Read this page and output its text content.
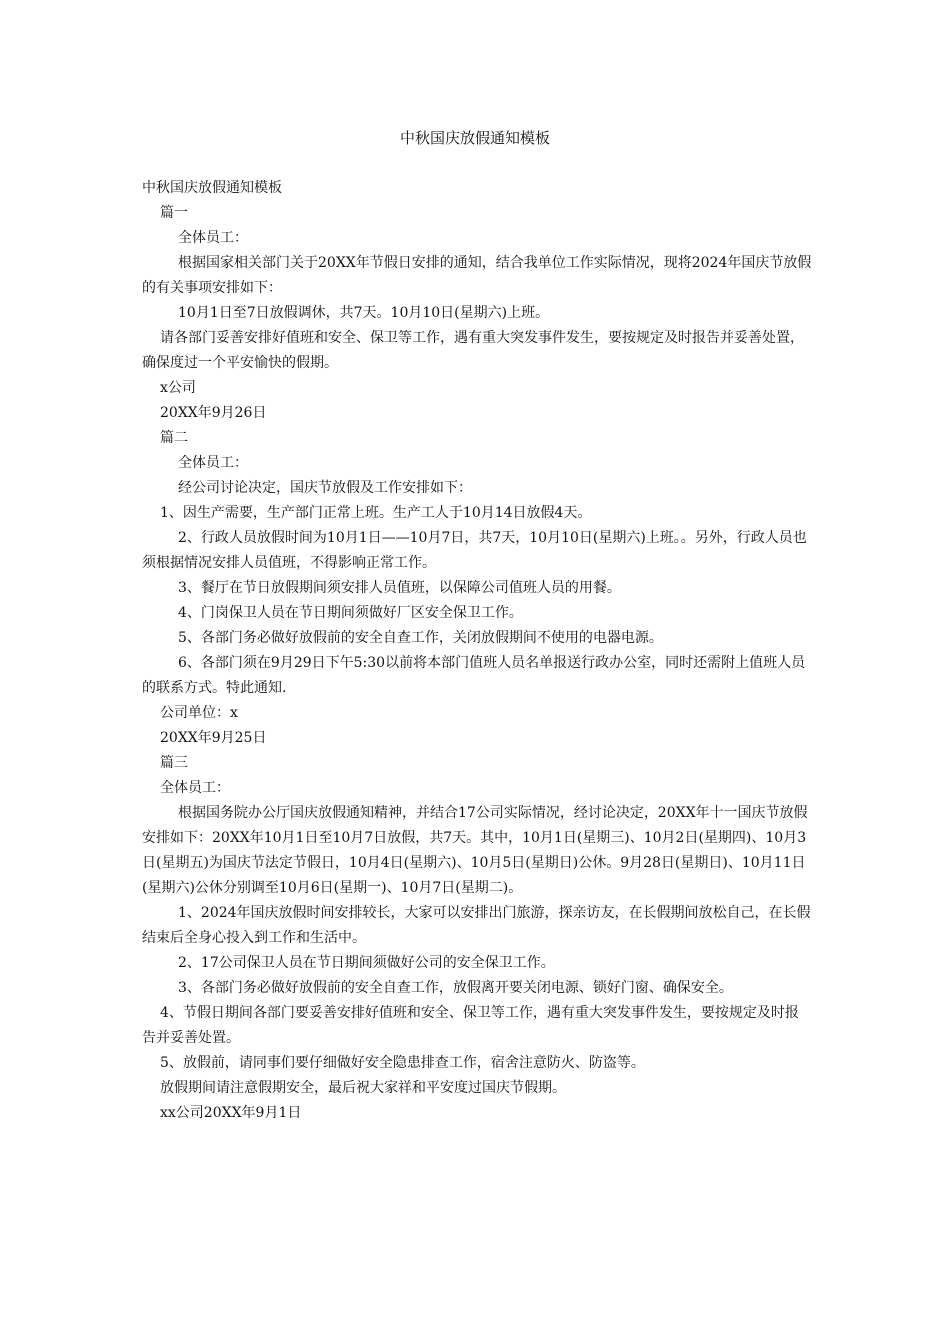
中秋国庆放假通知模板
中秋国庆放假通知模板
篇一
全体员工：
根据国家相关部门关于20XX年节假日安排的通知，结合我单位工作实际情况，现将2024年国庆节放假的有关事项安排如下：
10月1日至7日放假调休，共7天。10月10日(星期六)上班。
请各部门妥善安排好值班和安全、保卫等工作，遇有重大突发事件发生，要按规定及时报告并妥善处置，确保度过一个平安愉快的假期。
x公司
20XX年9月26日
篇二
全体员工：
经公司讨论决定，国庆节放假及工作安排如下：
1、因生产需要，生产部门正常上班。生产工人于10月14日放假4天。
2、行政人员放假时间为10月1日——10月7日，共7天，10月10日(星期六)上班。。另外，行政人员也须根据情况安排人员值班，不得影响正常工作。
3、餐厅在节日放假期间须安排人员值班，以保障公司值班人员的用餐。
4、门岗保卫人员在节日期间须做好厂区安全保卫工作。
5、各部门务必做好放假前的安全自查工作，关闭放假期间不使用的电器电源。
6、各部门须在9月29日下午5:30以前将本部门值班人员名单报送行政办公室，同时还需附上值班人员的联系方式。特此通知.
公司单位：x
20XX年9月25日
篇三
全体员工：
根据国务院办公厅国庆放假通知精神，并结合17公司实际情况，经讨论决定，20XX年十一国庆节放假安排如下：20XX年10月1日至10月7日放假，共7天。其中，10月1日(星期三)、10月2日(星期四)、10月3日(星期五)为国庆节法定节假日，10月4日(星期六)、10月5日(星期日)公休。9月28日(星期日)、10月11日(星期六)公休分别调至10月6日(星期一)、10月7日(星期二)。
1、2024年国庆放假时间安排较长，大家可以安排出门旅游，探亲访友，在长假期间放松自己，在长假结束后全身心投入到工作和生活中。
2、17公司保卫人员在节日期间须做好公司的安全保卫工作。
3、各部门务必做好放假前的安全自查工作，放假离开要关闭电源、锁好门窗、确保安全。
4、节假日期间各部门要妥善安排好值班和安全、保卫等工作，遇有重大突发事件发生，要按规定及时报告并妥善处置。
5、放假前，请同事们要仔细做好安全隐患排查工作，宿舍注意防火、防盗等。
放假期间请注意假期安全，最后祝大家祥和平安度过国庆节假期。
xx公司20XX年9月1日
